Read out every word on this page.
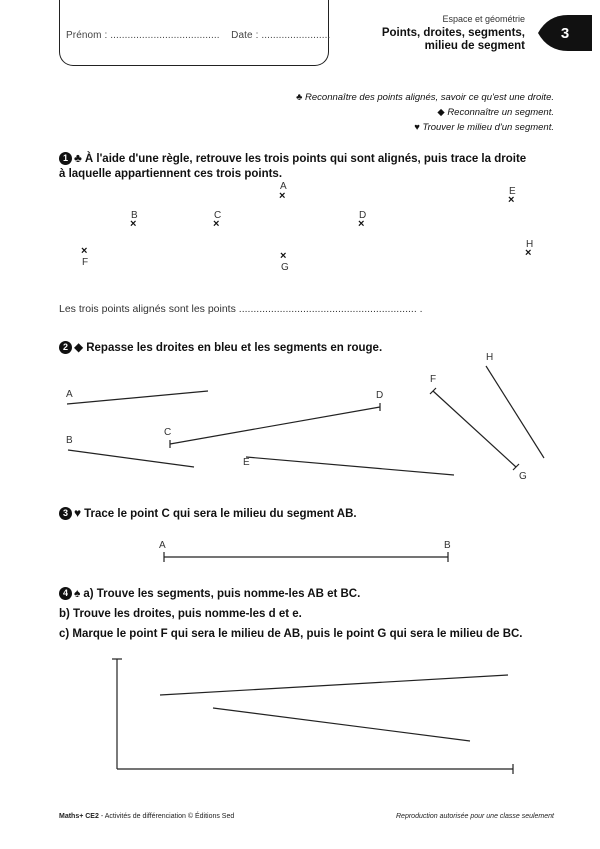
Prénom : ...................................... Date : ........................
Espace et géométrie
Points, droites, segments,
milieu de segment
3
♣ Reconnaître des points alignés, savoir ce qu'est une droite.
◆ Reconnaître un segment.
♥ Trouver le milieu d'un segment.
1 ♣ À l'aide d'une règle, retrouve les trois points qui sont alignés, puis trace la droite
à laquelle appartiennent ces trois points.
A
×	E
×
B
×
C
×
D
×
×
F
×
G
H
×
Les trois points alignés sont les points ............................................................. .
2 ◆ Repasse les droites en bleu et les segments en rouge.
A
B
C
D
E
F
G
H
3 ♥ Trace le point C qui sera le milieu du segment AB.
A	B
4 ♠ a) Trouve les segments, puis nomme-les AB et BC.
b) Trouve les droites, puis nomme-les d et e.
c) Marque le point F qui sera le milieu de AB, puis le point G qui sera le milieu de BC.
Maths+ CE2 - Activités de différenciation © Éditions Sed	Reproduction autorisée pour une classe seulement
